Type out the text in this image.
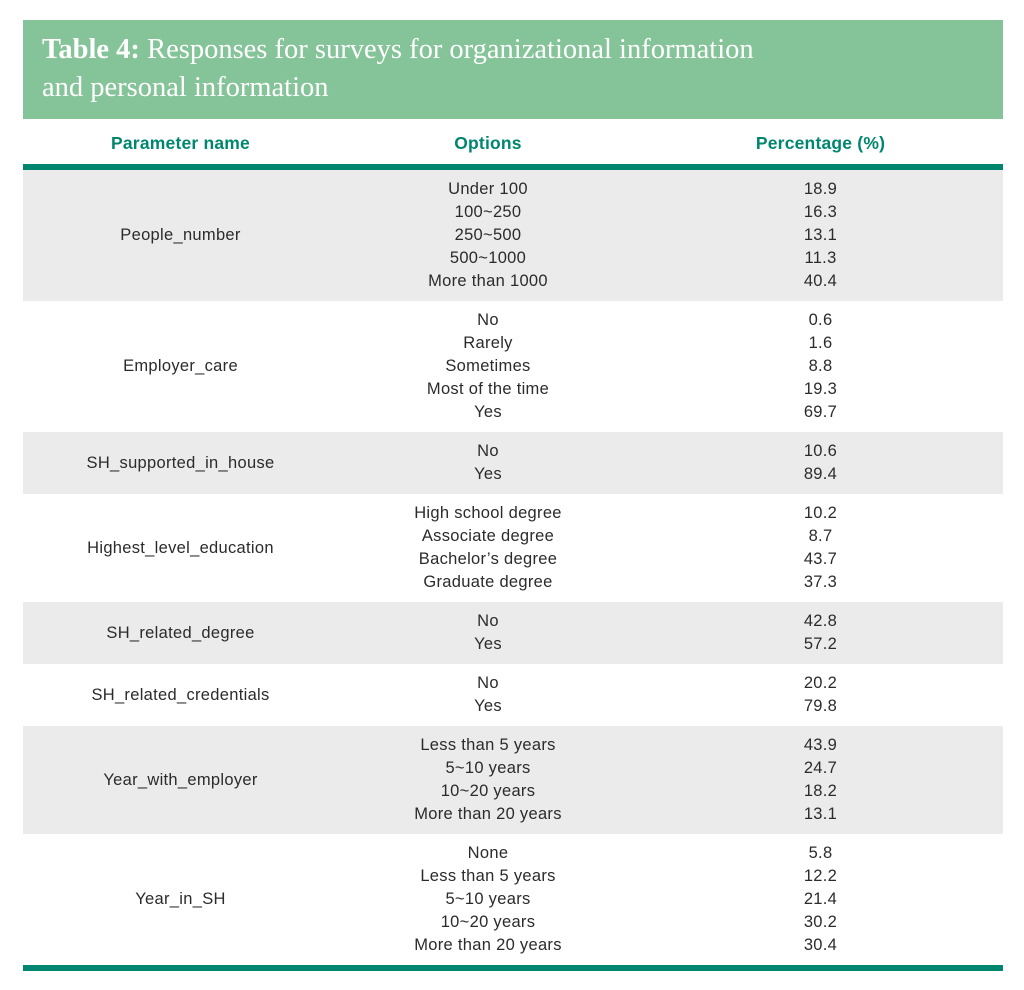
Table 4: Responses for surveys for organizational information
and personal information
Parameter name	Options	Percentage (%)
People_number
Under 100
100~250
250~500
500~1000
More than 1000
18.9
16.3
13.1
11.3
40.4
Employer_care
No
Rarely
Sometimes
Most of the time
Yes
0.6
1.6
8.8
19.3
69.7
SH_supported_in_house
No
Yes
10.6
89.4
Highest_level_education
High school degree
Associate degree
Bachelor’s degree
Graduate degree
10.2
8.7
43.7
37.3
SH_related_degree
No
Yes
42.8
57.2
SH_related_credentials
No
Yes
20.2
79.8
Year_with_employer
Less than 5 years
5~10 years
10~20 years
More than 20 years
43.9
24.7
18.2
13.1
Year_in_SH
None
Less than 5 years
5~10 years
10~20 years
More than 20 years
5.8
12.2
21.4
30.2
30.4
